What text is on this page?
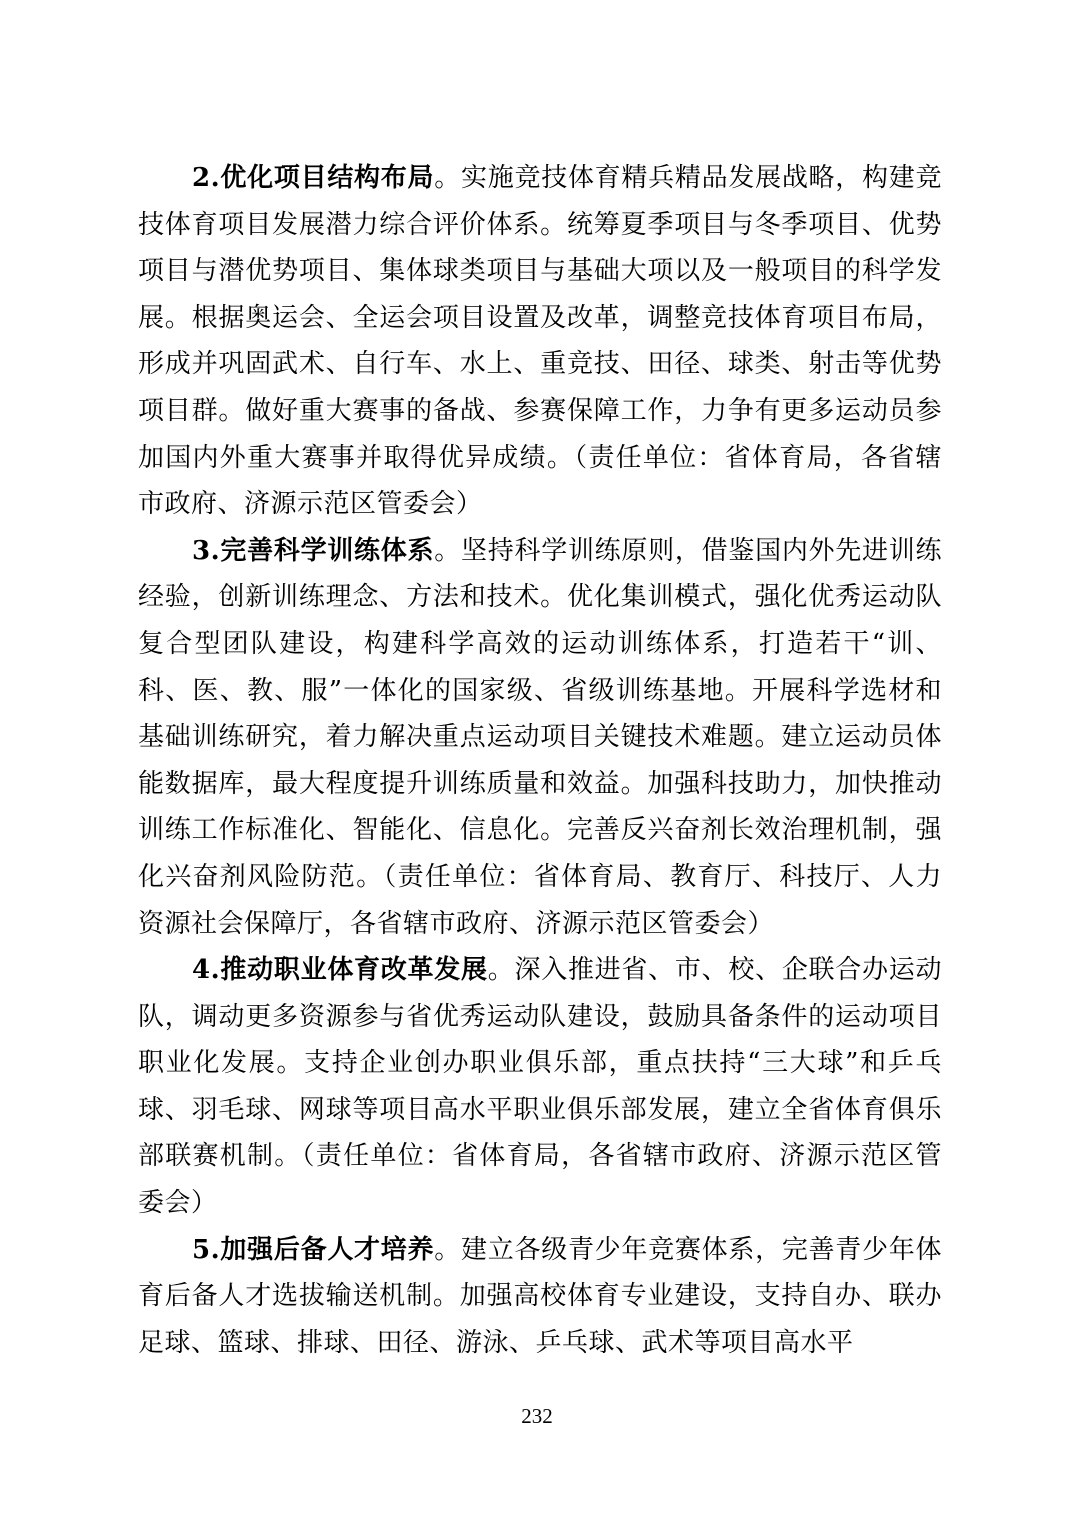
2.优化项目结构布局。实施竞技体育精兵精品发展战略，构建竞技体育项目发展潜力综合评价体系。统筹夏季项目与冬季项目、优势项目与潜优势项目、集体球类项目与基础大项以及一般项目的科学发展。根据奥运会、全运会项目设置及改革，调整竞技体育项目布局，形成并巩固武术、自行车、水上、重竞技、田径、球类、射击等优势项目群。做好重大赛事的备战、参赛保障工作，力争有更多运动员参加国内外重大赛事并取得优异成绩。（责任单位：省体育局，各省辖市政府、济源示范区管委会）

3.完善科学训练体系。坚持科学训练原则，借鉴国内外先进训练经验，创新训练理念、方法和技术。优化集训模式，强化优秀运动队复合型团队建设，构建科学高效的运动训练体系，打造若干“训、科、医、教、服”一体化的国家级、省级训练基地。开展科学选材和基础训练研究，着力解决重点运动项目关键技术难题。建立运动员体能数据库，最大程度提升训练质量和效益。加强科技助力，加快推动训练工作标准化、智能化、信息化。完善反兴奋剂长效治理机制，强化兴奋剂风险防范。（责任单位：省体育局、教育厅、科技厅、人力资源社会保障厅，各省辖市政府、济源示范区管委会）

4.推动职业体育改革发展。深入推进省、市、校、企联合办运动队，调动更多资源参与省优秀运动队建设，鼓励具备条件的运动项目职业化发展。支持企业创办职业俱乐部，重点扶持“三大球”和乒乓球、羽毛球、网球等项目高水平职业俱乐部发展，建立全省体育俱乐部联赛机制。（责任单位：省体育局，各省辖市政府、济源示范区管委会）

5.加强后备人才培养。建立各级青少年竞赛体系，完善青少年体育后备人才选拔输送机制。加强高校体育专业建设，支持自办、联办足球、篮球、排球、田径、游泳、乒乓球、武术等项目高水平

232
